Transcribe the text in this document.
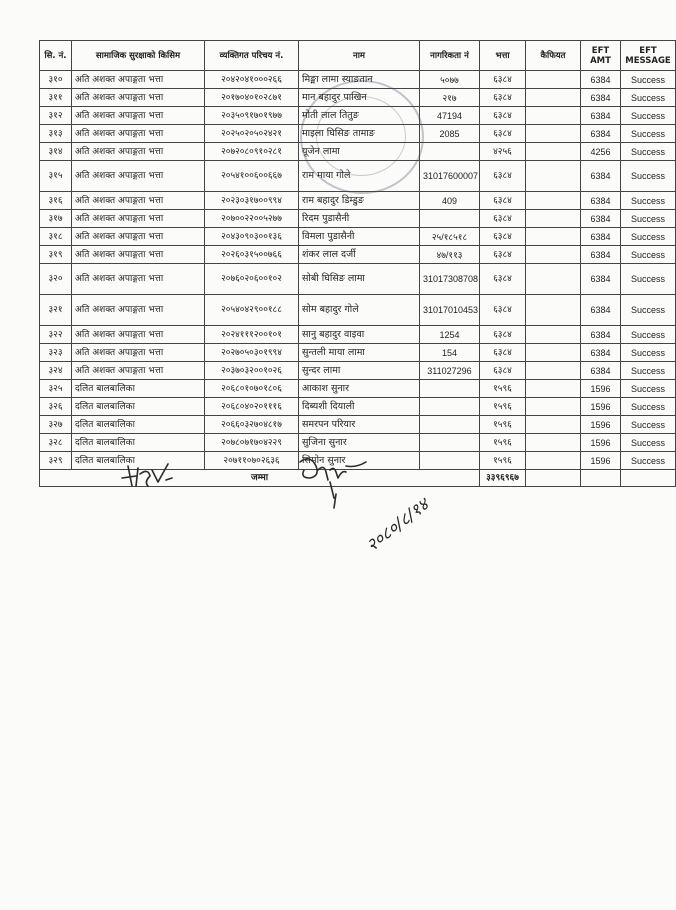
सि. नं.	सामाजिक सुरक्षाको किसिम	व्यक्तिगत परिचय नं.	नाम	नागरिकता नं	भत्ता	कैफियत	EFT AMT	EFT MESSAGE
३१०	अति अशक्त अपाङ्गता भत्ता	२०४२०४१०००२६६	मिङ्मा लामा स्याङतान	५०७७	६३८४		6384	Success
३११	अति अशक्त अपाङ्गता भत्ता	२०१७०४०१०२८७१	मान बहादुर पाखिन	२१७	६३८४		6384	Success
३१२	अति अशक्त अपाङ्गता भत्ता	२०३५०९१७०१९७७	मोती लाल तितुङ	47194	६३८४		6384	Success
३१३	अति अशक्त अपाङ्गता भत्ता	२०२५०२०५०२४२१	माइला घिसिङ तामाङ	2085	६३८४		6384	Success
३१४	अति अशक्त अपाङ्गता भत्ता	२०७२०८०९१०२८१	यूजेन लामा		४२५६		4256	Success
३१५	अति अशक्त अपाङ्गता भत्ता	२०५४१००६००६६७	राम माया गोले	31017600007	६३८४		6384	Success
३१६	अति अशक्त अपाङ्गता भत्ता	२०२३०३१७००९९४	राम बहादुर डिम्डुङ	409	६३८४		6384	Success
३१७	अति अशक्त अपाङ्गता भत्ता	२०७००२२००५२७७	रिदम पुडासैनी		६३८४		6384	Success
३१८	अति अशक्त अपाङ्गता भत्ता	२०४३०९०३००१३६	विमला पुडासैनी	२५/१८५१८	६३८४		6384	Success
३१९	अति अशक्त अपाङ्गता भत्ता	२०२६०३१५००७६६	शंकर लाल दर्जी	४७/११३	६३८४		6384	Success
३२०	अति अशक्त अपाङ्गता भत्ता	२०७६०२०६००१०२	सोबी घिसिङ लामा	31017308708	६३८४		6384	Success
३२१	अति अशक्त अपाङ्गता भत्ता	२०५४०४२९००१८८	सोम बहादुर गोले	31017010453	६३८४		6384	Success
३२२	अति अशक्त अपाङ्गता भत्ता	२०२४१११२००१०१	सानु बहादुर वाइवा	1254	६३८४		6384	Success
३२३	अति अशक्त अपाङ्गता भत्ता	२०२७०५०३०१९९४	सुन्तली माया लामा	154	६३८४		6384	Success
३२४	अति अशक्त अपाङ्गता भत्ता	२०३७०३२००१०२६	सुन्दर लामा	311027296	६३८४		6384	Success
३२५	दलित बालबालिका	२०६८०१०७०१८०६	आकाश सुनार		१५९६		1596	Success
३२६	दलित बालबालिका	२०६८०४०२०१११६	दिब्यशी दियाली		१५९६		1596	Success
३२७	दलित बालबालिका	२०६६०३२७०४८१७	समरपन परियार		१५९६		1596	Success
३२८	दलित बालबालिका	२०७८०७१७०४२२९	सुजिना सुनार		१५९६		1596	Success
३२९	दलित बालबालिका	२०७११०७०२६३६	सिमोन सुनार		१५९६		1596	Success
जम्मा					३३९६९६७			
२०८०/८/१४
